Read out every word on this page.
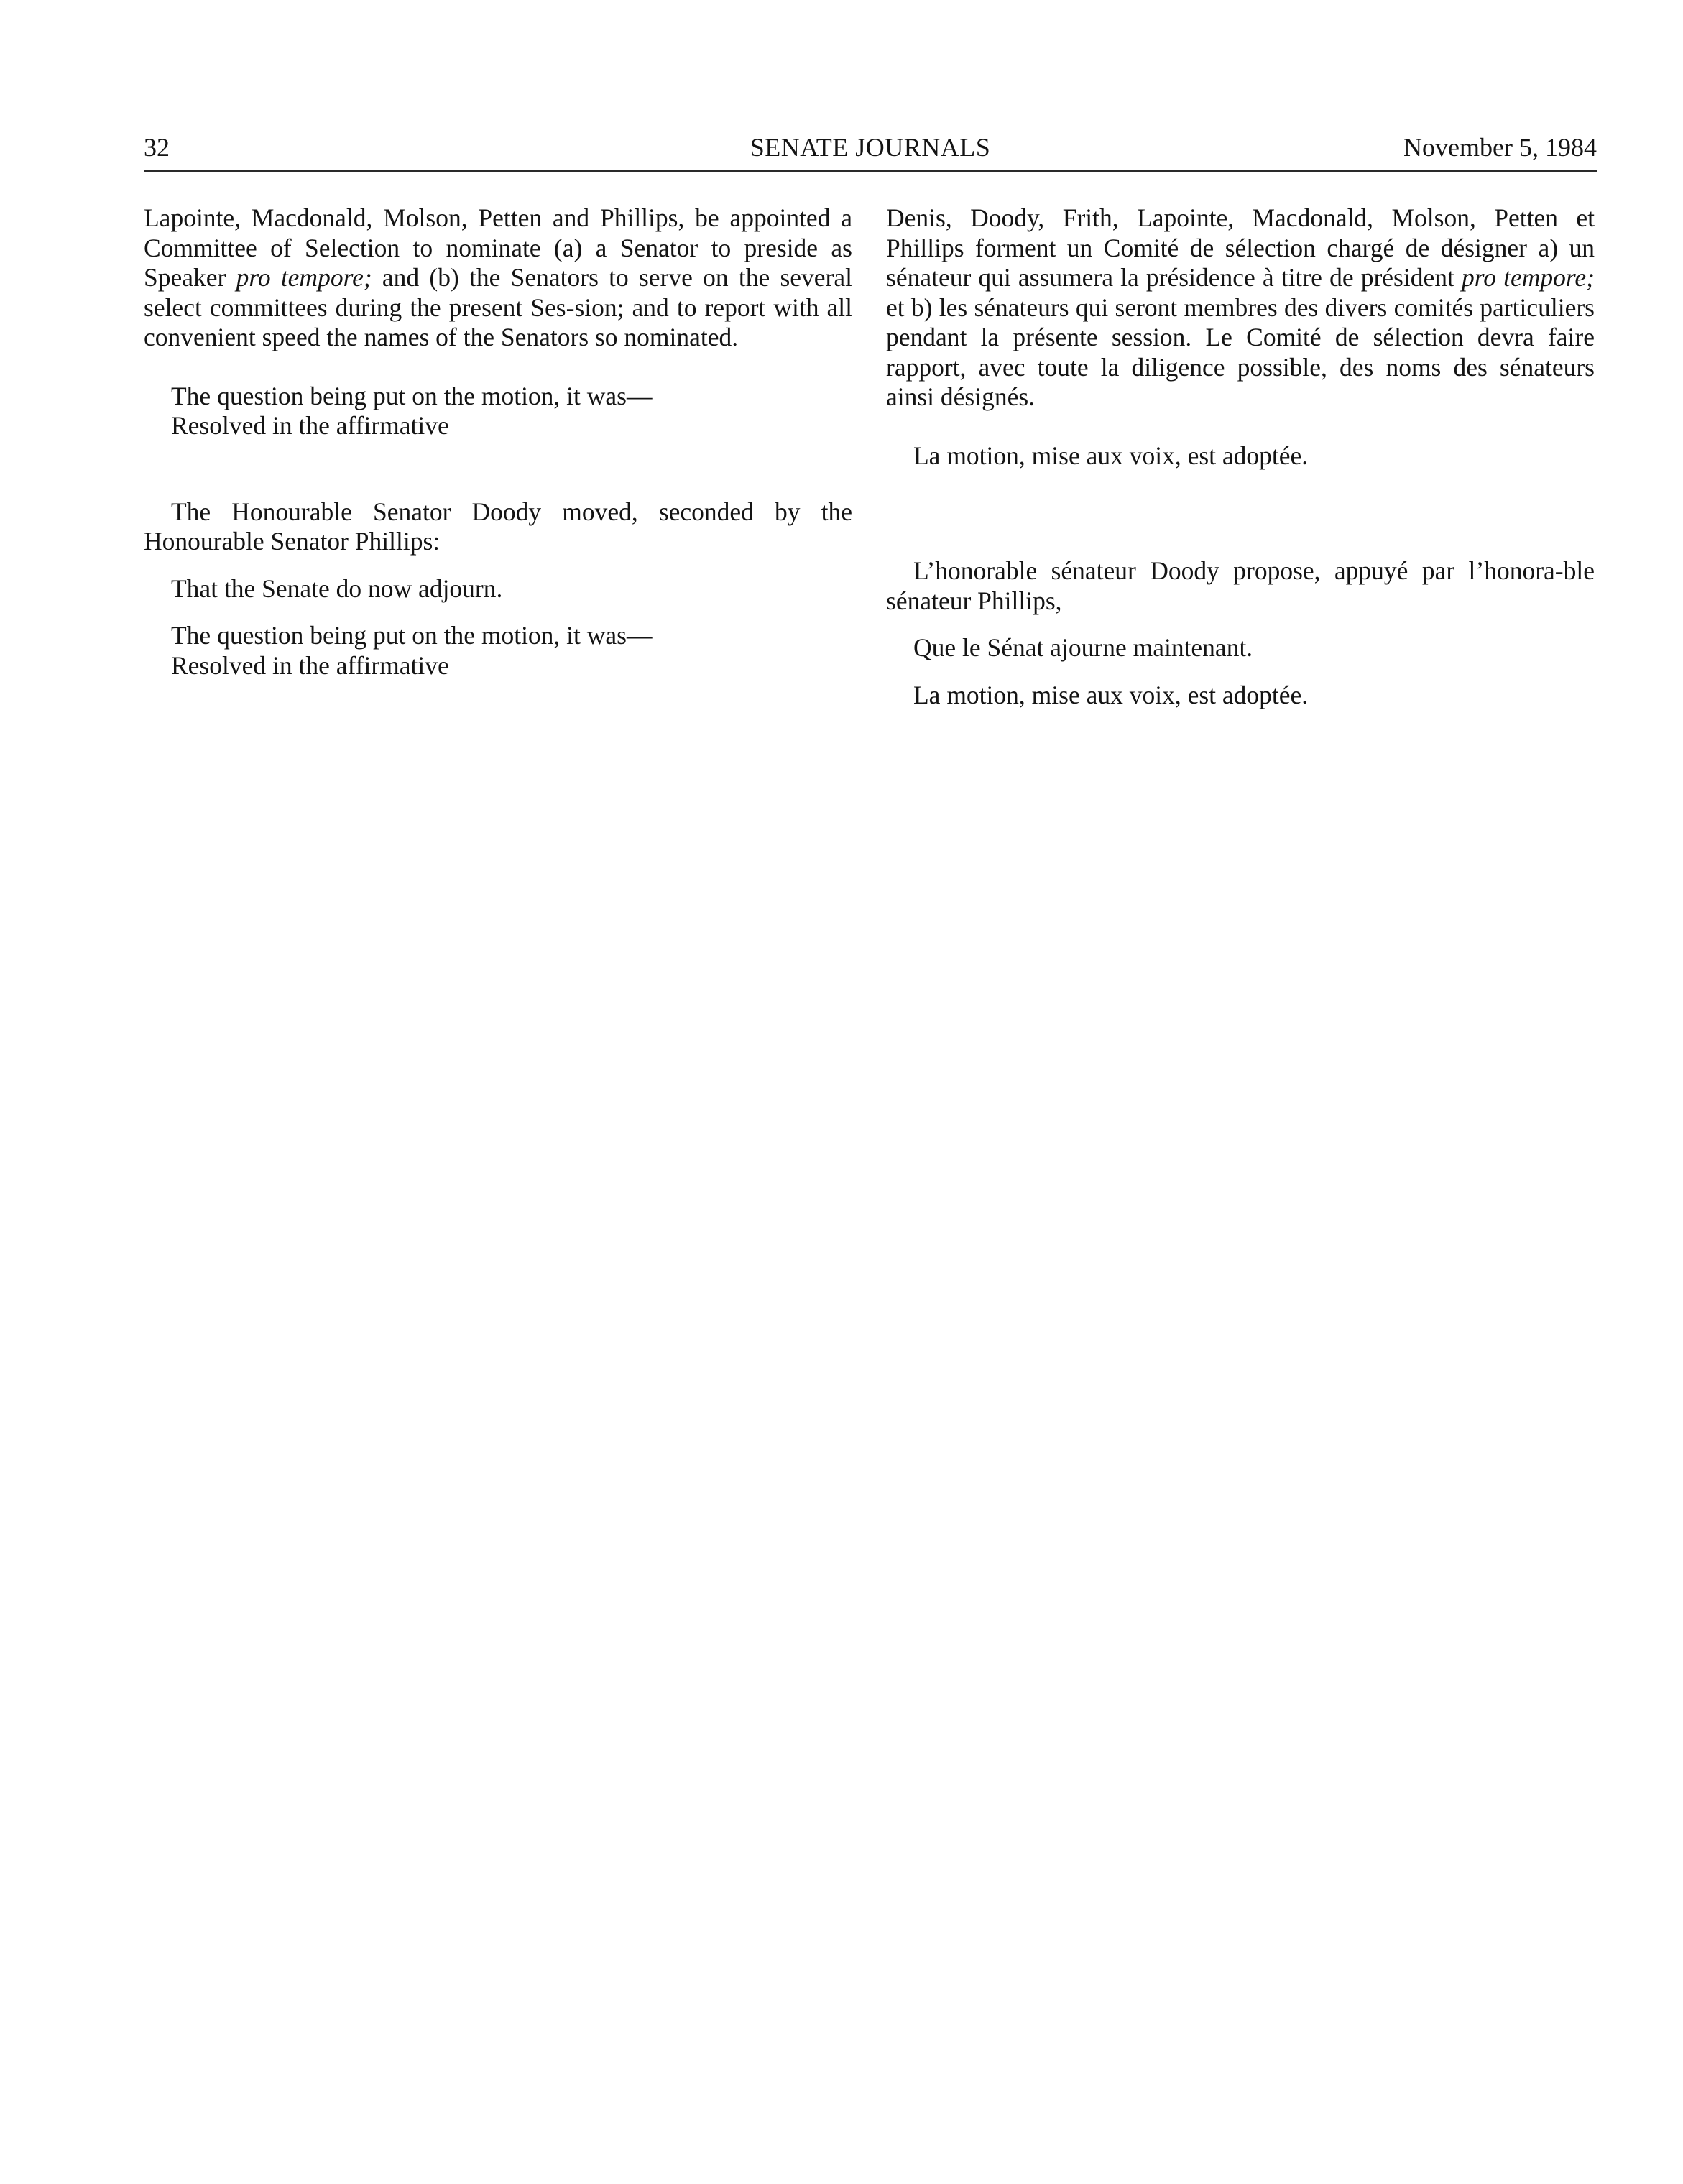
32	SENATE JOURNALS	November 5, 1984

Lapointe, Macdonald, Molson, Petten and Phillips, be appointed a Committee of Selection to nominate (a) a Senator to preside as Speaker pro tempore; and (b) the Senators to serve on the several select committees during the present Ses-sion; and to report with all convenient speed the names of the Senators so nominated.

The question being put on the motion, it was—

Resolved in the affirmative

The Honourable Senator Doody moved, seconded by the Honourable Senator Phillips:

That the Senate do now adjourn.

The question being put on the motion, it was—

Resolved in the affirmative

Denis, Doody, Frith, Lapointe, Macdonald, Molson, Petten et Phillips forment un Comité de sélection chargé de désigner a) un sénateur qui assumera la présidence à titre de président pro tempore; et b) les sénateurs qui seront membres des divers comités particuliers pendant la présente session. Le Comité de sélection devra faire rapport, avec toute la diligence possible, des noms des sénateurs ainsi désignés.

La motion, mise aux voix, est adoptée.

L’honorable sénateur Doody propose, appuyé par l’honora-ble sénateur Phillips,

Que le Sénat ajourne maintenant.

La motion, mise aux voix, est adoptée.
